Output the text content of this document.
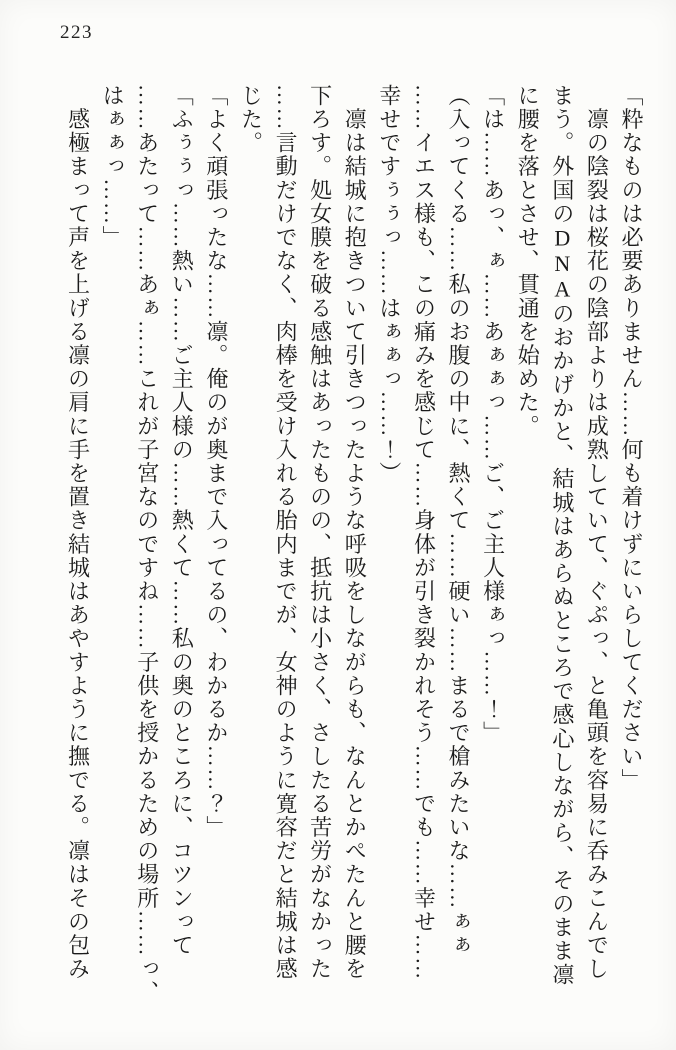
223

「粋なものは必要ありません……何も着けずにいらしてください」

　凛の陰裂は桜花の陰部よりは成熟していて、ぐぷっ、と亀頭を容易に呑みこんでし

まう。外国のDNAのおかげかと、結城はあらぬところで感心しながら、そのまま凛

に腰を落とさせ、貫通を始めた。

「は……あっ、ぁ……あぁぁっ……ご、ご主人様ぁっ……！」

（入ってくる……私のお腹の中に、熱くて……硬い……まるで槍みたいな……ぁぁ

……イエス様も、この痛みを感じて……身体が引き裂かれそう……でも……幸せ……

幸せですぅぅっ……はぁぁっ……！）

　凛は結城に抱きついて引きつったような呼吸をしながらも、なんとかぺたんと腰を

下ろす。処女膜を破る感触はあったものの、抵抗は小さく、さしたる苦労がなかった

……言動だけでなく、肉棒を受け入れる胎内までが、女神のように寛容だと結城は感

じた。

「よく頑張ったな……凛。俺のが奥まで入ってるの、わかるか……？」

「ふぅぅっ……熱い……ご主人様の……熱くて……私の奥のところに、コツンって

……あたって……あぁ……これが子宮なのですね……子供を授かるための場所……っ、

はぁぁっ……」

　感極まって声を上げる凛の肩に手を置き結城はあやすように撫でる。凛はその包み
